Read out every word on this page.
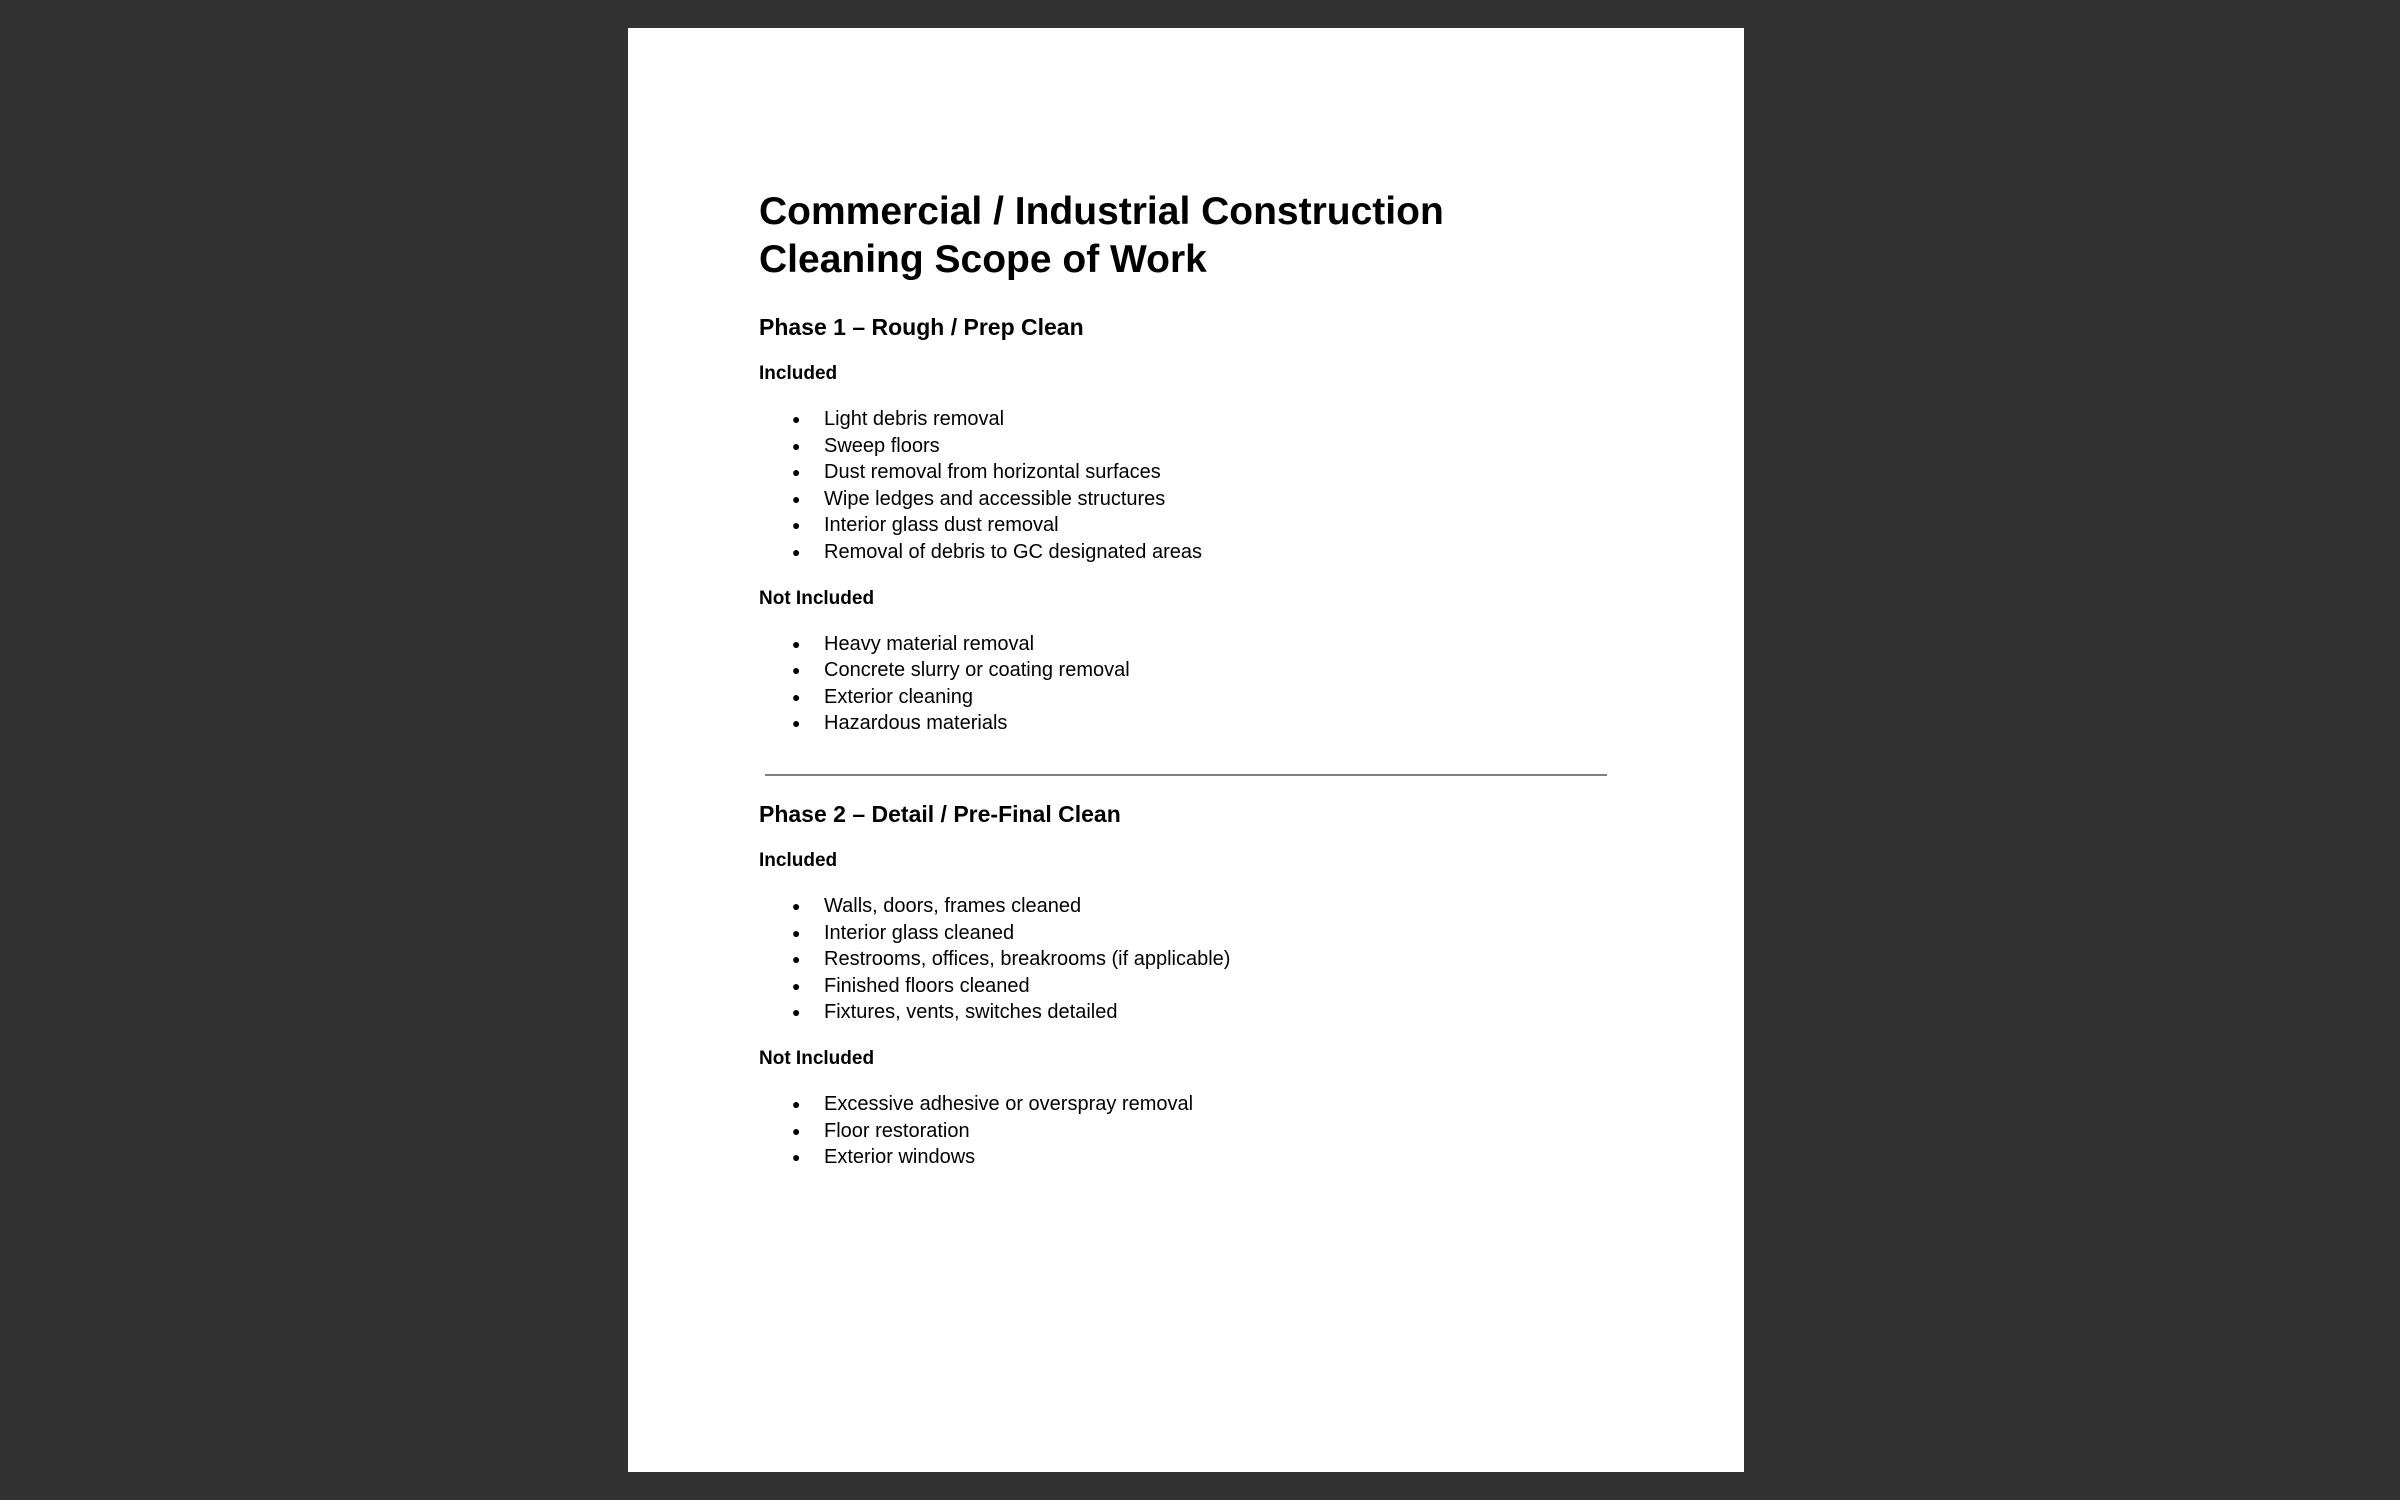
Commercial / Industrial Construction Cleaning Scope of Work
Phase 1 – Rough / Prep Clean
Included
● Light debris removal
● Sweep floors
● Dust removal from horizontal surfaces
● Wipe ledges and accessible structures
● Interior glass dust removal
● Removal of debris to GC designated areas
Not Included
● Heavy material removal
● Concrete slurry or coating removal
● Exterior cleaning
● Hazardous materials
Phase 2 – Detail / Pre-Final Clean
Included
● Walls, doors, frames cleaned
● Interior glass cleaned
● Restrooms, offices, breakrooms (if applicable)
● Finished floors cleaned
● Fixtures, vents, switches detailed
Not Included
● Excessive adhesive or overspray removal
● Floor restoration
● Exterior windows
